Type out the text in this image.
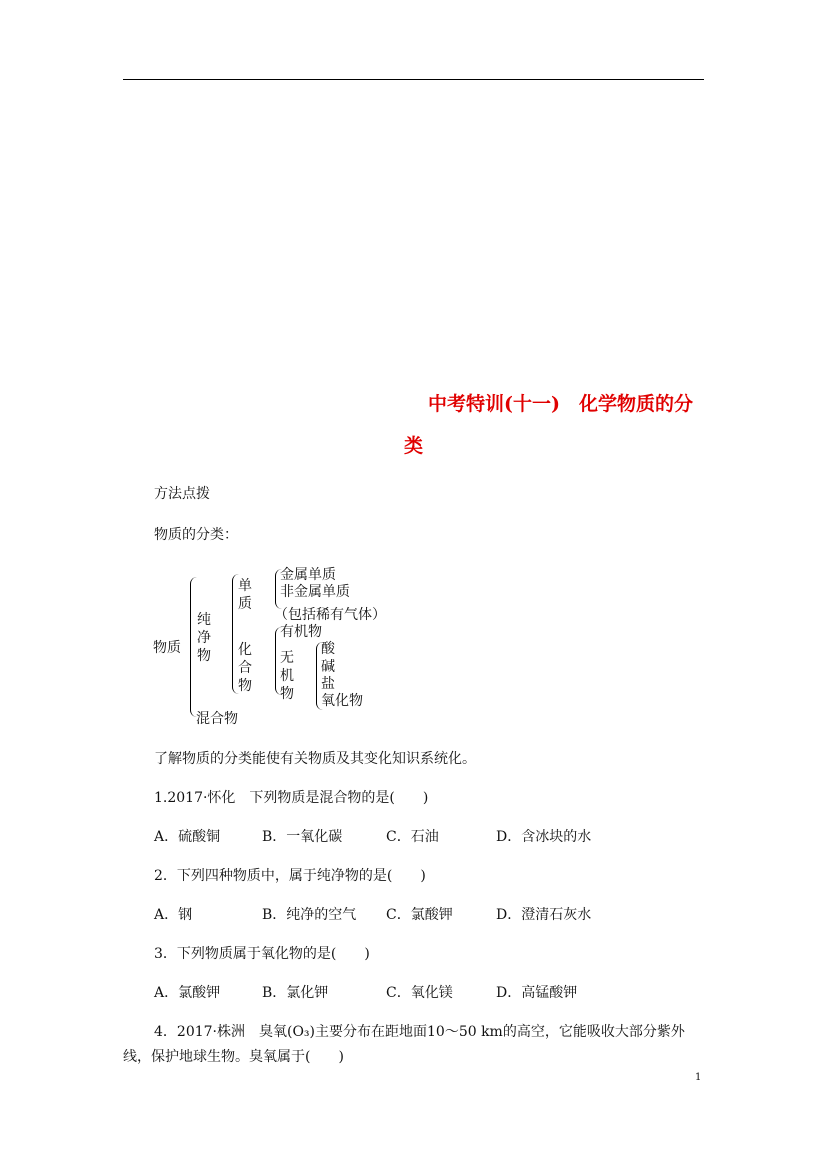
中考特训(十一)　化学物质的分
类
方法点拨
物质的分类：
物质
纯
净
物
混合物
单
质
金属单质
非金属单质
（包括稀有气体）
化
合
物
有机物
无
机
物
酸
碱
盐
氧化物
了解物质的分类能使有关物质及其变化知识系统化。
1.2017·怀化　下列物质是混合物的是(　　)
A．硫酸铜	B．一氧化碳	C．石油	D．含冰块的水
2．下列四种物质中，属于纯净物的是(　　)
A．钢	B．纯净的空气 C．氯酸钾	D．澄清石灰水
3．下列物质属于氧化物的是(　　)
A．氯酸钾	B．氯化钾	C．氧化镁	D．高锰酸钾
4．2017·株洲　臭氧(O₃)主要分布在距地面10～50 km的高空，它能吸收大部分紫外
线，保护地球生物。臭氧属于(　　)
1
